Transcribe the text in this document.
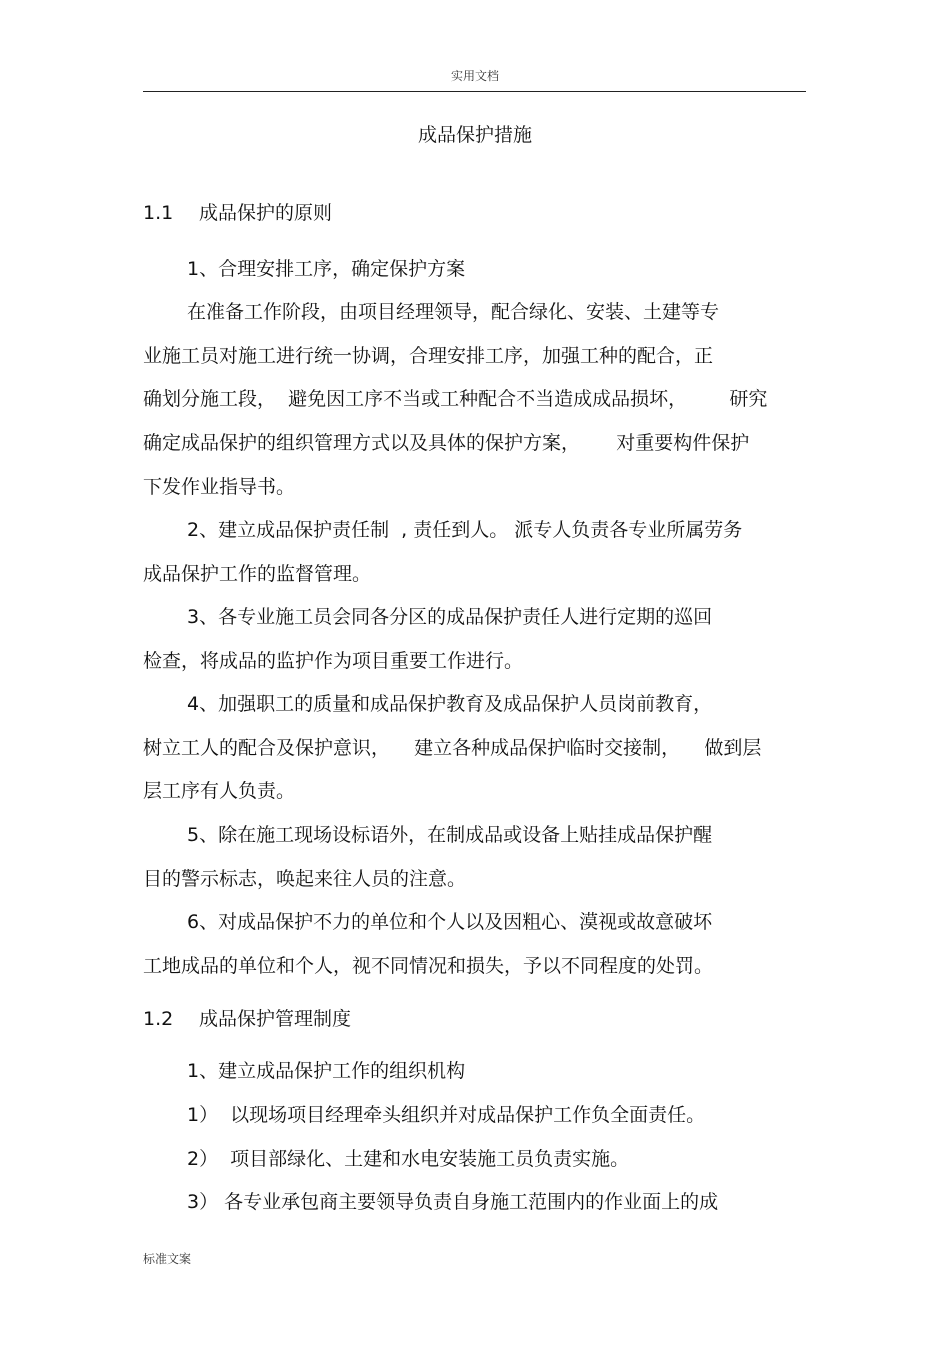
实用文档
成品保护措施
1.1 成品保护的原则
1、合理安排工序，确定保护方案
在准备工作阶段，由项目经理领导，配合绿化、安装、土建等专
业施工员对施工进行统一协调，合理安排工序，加强工种的配合，正
确划分施工段，  避免因工序不当或工种配合不当造成成品损坏，       研究
确定成品保护的组织管理方式以及具体的保护方案，      对重要构件保护
下发作业指导书。
2、建立成品保护责任制  , 责任到人。 派专人负责各专业所属劳务
成品保护工作的监督管理。
3、各专业施工员会同各分区的成品保护责任人进行定期的巡回
检查，将成品的监护作为项目重要工作进行。
4、加强职工的质量和成品保护教育及成品保护人员岗前教育，
树立工人的配合及保护意识，    建立各种成品保护临时交接制，    做到层
层工序有人负责。
5、除在施工现场设标语外，在制成品或设备上贴挂成品保护醒
目的警示标志，唤起来往人员的注意。
6、对成品保护不力的单位和个人以及因粗心、漠视或故意破坏
工地成品的单位和个人，视不同情况和损失，予以不同程度的处罚。
1.2 成品保护管理制度
1、建立成品保护工作的组织机构
1）  以现场项目经理牵头组织并对成品保护工作负全面责任。
2）  项目部绿化、土建和水电安装施工员负责实施。
3） 各专业承包商主要领导负责自身施工范围内的作业面上的成
标准文案
